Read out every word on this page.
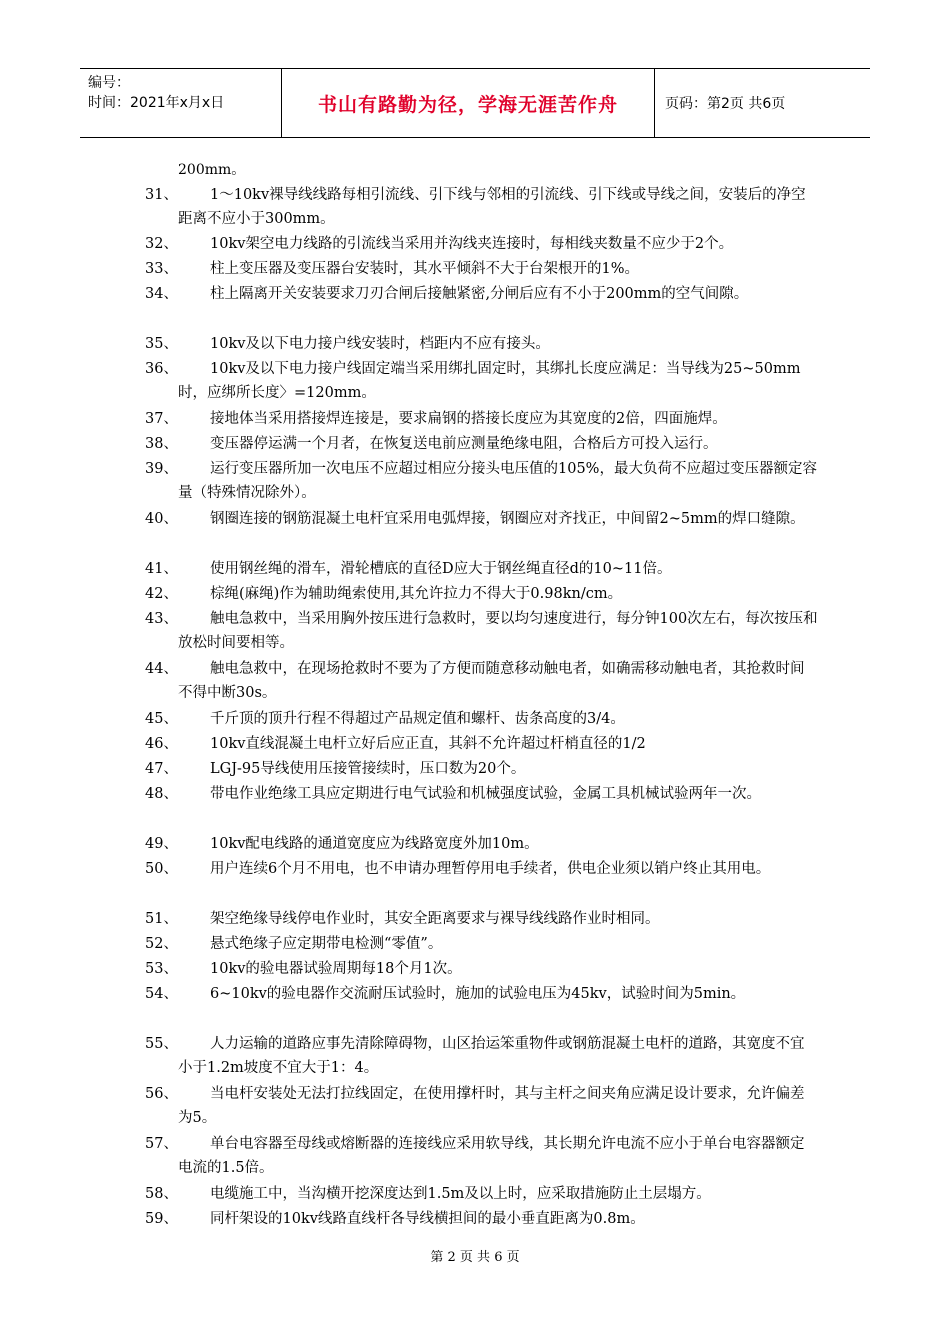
编号：
时间：2021年x月x日	书山有路勤为径，学海无涯苦作舟	页码：第2页 共6页
200mm。
31、	1～10kv裸导线线路每相引流线、引下线与邻相的引流线、引下线或导线之间，安装后的净空距离不应小于300mm。
32、	10kv架空电力线路的引流线当采用并沟线夹连接时，每相线夹数量不应少于2个。
33、	柱上变压器及变压器台安装时，其水平倾斜不大于台架根开的1%。
34、	柱上隔离开关安装要求刀刃合闸后接触紧密,分闸后应有不小于200mm的空气间隙。
35、	10kv及以下电力接户线安装时，档距内不应有接头。
36、	10kv及以下电力接户线固定端当采用绑扎固定时，其绑扎长度应满足：当导线为25~50mm时，应绑所长度〉=120mm。
37、	接地体当采用搭接焊连接是，要求扁钢的搭接长度应为其宽度的2倍，四面施焊。
38、	变压器停运满一个月者，在恢复送电前应测量绝缘电阻，合格后方可投入运行。
39、	运行变压器所加一次电压不应超过相应分接头电压值的105%，最大负荷不应超过变压器额定容量（特殊情况除外）。
40、	钢圈连接的钢筋混凝土电杆宜采用电弧焊接，钢圈应对齐找正，中间留2~5mm的焊口缝隙。
41、	使用钢丝绳的滑车，滑轮槽底的直径D应大于钢丝绳直径d的10~11倍。
42、	棕绳(麻绳)作为辅助绳索使用,其允许拉力不得大于0.98kn/cm。
43、	触电急救中，当采用胸外按压进行急救时，要以均匀速度进行，每分钟100次左右，每次按压和放松时间要相等。
44、	触电急救中，在现场抢救时不要为了方便而随意移动触电者，如确需移动触电者，其抢救时间不得中断30s。
45、	千斤顶的顶升行程不得超过产品规定值和螺杆、齿条高度的3/4。
46、	10kv直线混凝土电杆立好后应正直，其斜不允许超过杆梢直径的1/2
47、	LGJ-95导线使用压接管接续时，压口数为20个。
48、	带电作业绝缘工具应定期进行电气试验和机械强度试验，金属工具机械试验两年一次。
49、	10kv配电线路的通道宽度应为线路宽度外加10m。
50、	用户连续6个月不用电，也不申请办理暂停用电手续者，供电企业须以销户终止其用电。
51、	架空绝缘导线停电作业时，其安全距离要求与裸导线线路作业时相同。
52、	悬式绝缘子应定期带电检测“零值”。
53、	10kv的验电器试验周期每18个月1次。
54、	6~10kv的验电器作交流耐压试验时，施加的试验电压为45kv，试验时间为5min。
55、	人力运输的道路应事先清除障碍物，山区抬运笨重物件或钢筋混凝土电杆的道路，其宽度不宜小于1.2m坡度不宜大于1：4。
56、	当电杆安装处无法打拉线固定，在使用撑杆时，其与主杆之间夹角应满足设计要求，允许偏差为5。
57、	单台电容器至母线或熔断器的连接线应采用软导线，其长期允许电流不应小于单台电容器额定电流的1.5倍。
58、	电缆施工中，当沟横开挖深度达到1.5m及以上时，应采取措施防止土层塌方。
59、	同杆架设的10kv线路直线杆各导线横担间的最小垂直距离为0.8m。
第 2 页 共 6 页
